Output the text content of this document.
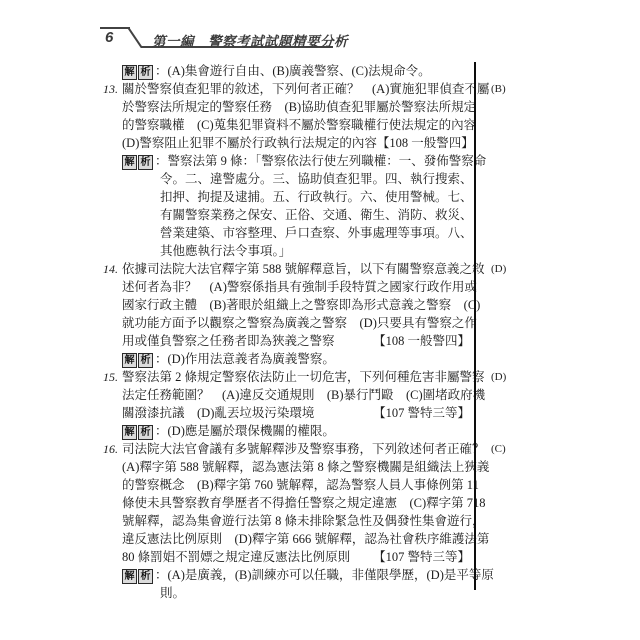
6	第一編　警察考試試題精要分析
解 析 ：(A)集會遊行自由、(B)廣義警察、(C)法規命令。
13. 關於警察偵查犯罪的敘述，下列何者正確？　(A)實施犯罪偵查不屬
於警察法所規定的警察任務　(B)協助偵查犯罪屬於警察法所規定
的警察職權　(C)蒐集犯罪資料不屬於警察職權行使法規定的內容
(D)警察阻止犯罪不屬於行政執行法規定的內容 【108 一般警四】
解 析 ：警察法第 9 條：「警察依法行使左列職權：一、發佈警察命
令。二、違警處分。三、協助偵查犯罪。四、執行搜索、
扣押、拘提及逮捕。五、行政執行。六、使用警械。七、
有關警察業務之保安、正俗、交通、衛生、消防、救災、
營業建築、市容整理、戶口查察、外事處理等事項。八、
其他應執行法令事項。」
14. 依據司法院大法官釋字第 588 號解釋意旨，以下有關警察意義之敘
述何者為非？　(A)警察係指具有強制手段特質之國家行政作用或
國家行政主體　(B)著眼於組織上之警察即為形式意義之警察　(C)
就功能方面予以觀察之警察為廣義之警察　(D)只要具有警察之作
用或僅負警察之任務者即為狹義之警察	【108 一般警四】
解 析 ：(D)作用法意義者為廣義警察。
15. 警察法第 2 條規定警察依法防止一切危害，下列何種危害非屬警察
法定任務範圍？　(A)違反交通規則　(B)暴行鬥毆　(C)圍堵政府機
關潑漆抗議　(D)亂丟垃圾污染環境	【107 警特三等】
解 析 ：(D)應是屬於環保機關的權限。
16. 司法院大法官會議有多號解釋涉及警察事務，下列敘述何者正確？
(A)釋字第 588 號解釋，認為憲法第 8 條之警察機關是組織法上狹義
的警察概念　(B)釋字第 760 號解釋，認為警察人員人事條例第 11
條使未具警察教育學歷者不得擔任警察之規定違憲　(C)釋字第 718
號解釋，認為集會遊行法第 8 條未排除緊急性及偶發性集會遊行，
違反憲法比例原則　(D)釋字第 666 號解釋，認為社會秩序維護法第
80 條罰娼不罰嫖之規定違反憲法比例原則 【107 警特三等】
解 析 ：(A)是廣義，(B)訓練亦可以任職，非僅限學歷，(D)是平等原
則。
(B)
(D)
(D)
(C)
